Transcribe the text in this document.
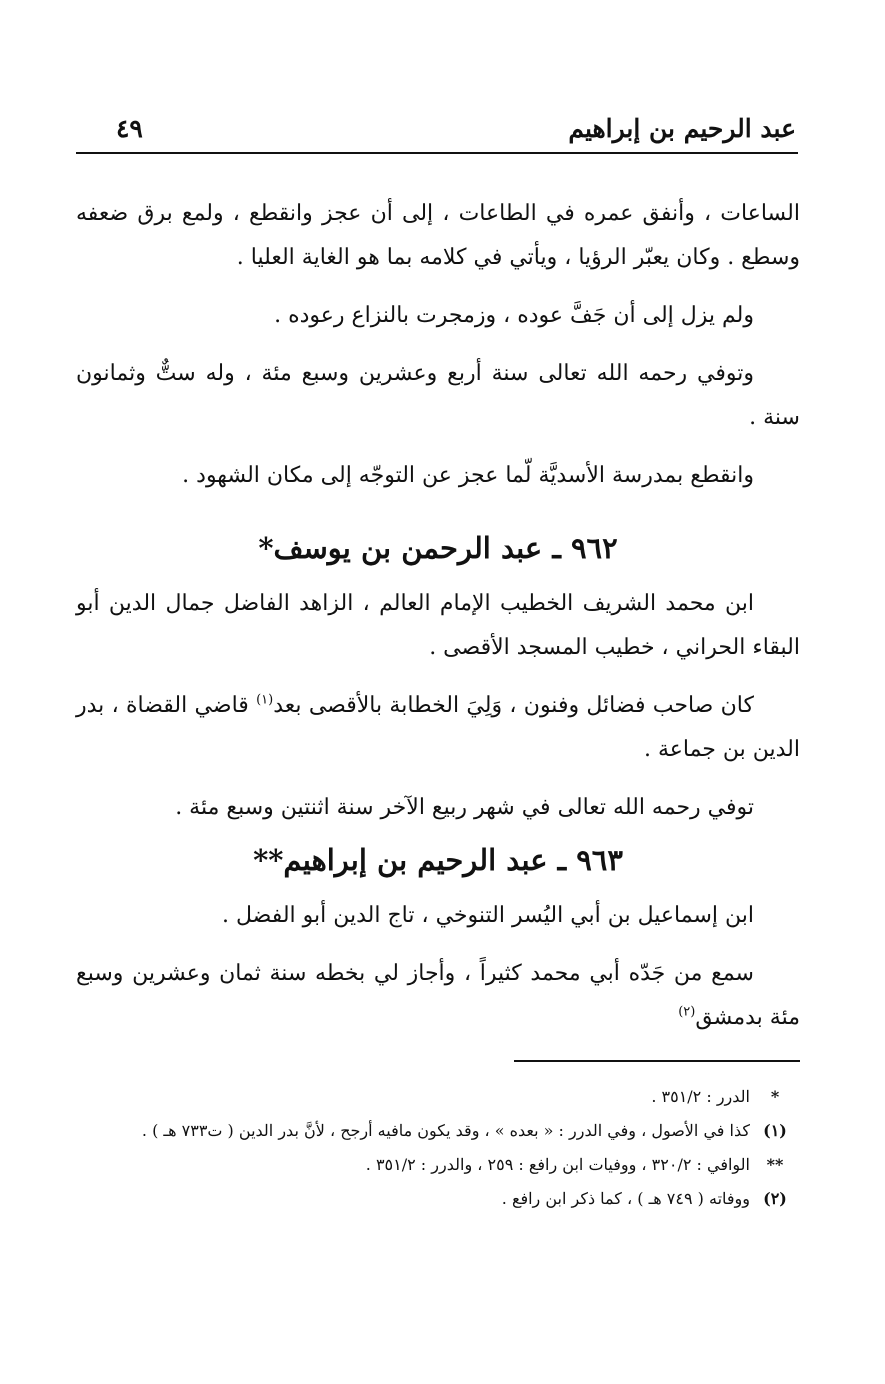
عبد الرحيم بن إبراهيم
٤٩

الساعات ، وأنفق عمره في الطاعات ، إلى أن عجز وانقطع ، ولمع برق ضعفه وسطع . وكان يعبّر الرؤيا ، ويأتي في كلامه بما هو الغاية العليا .

ولم يزل إلى أن جَفَّ عوده ، وزمجرت بالنزاع رعوده .

وتوفي رحمه الله تعالى سنة أربع وعشرين وسبع مئة ، وله ستٌّ وثمانون سنة .

وانقطع بمدرسة الأسديَّة لّما عجز عن التوجّه إلى مكان الشهود .

٩٦٢ ـ عبد الرحمن بن يوسف*

ابن محمد الشريف الخطيب الإمام العالم ، الزاهد الفاضل جمال الدين أبو البقاء الحراني ، خطيب المسجد الأقصى .

كان صاحب فضائل وفنون ، وَلِيَ الخطابة بالأقصى بعد$^{(١)}$ قاضي القضاة ، بدر الدين بن جماعة .

توفي رحمه الله تعالى في شهر ربيع الآخر سنة اثنتين وسبع مئة .

٩٦٣ ـ عبد الرحيم بن إبراهيم**

ابن إسماعيل بن أبي اليُسر التنوخي ، تاج الدين أبو الفضل .

سمع من جَدّه أبي محمد كثيراً ، وأجاز لي بخطه سنة ثمان وعشرين وسبع مئة بدمشق$^{(٢)}$

*
الدرر : ٣٥١/٢ .
(١)
كذا في الأصول ، وفي الدرر : « بعده » ، وقد يكون مافيه أرجح ، لأنَّ بدر الدين ( ت٧٣٣ هـ ) .
**
الوافي : ٣٢٠/٢ ، ووفيات ابن رافع : ٢٥٩ ، والدرر : ٣٥١/٢ .
(٢)
ووفاته ( ٧٤٩ هـ ) ، كما ذكر ابن رافع .
